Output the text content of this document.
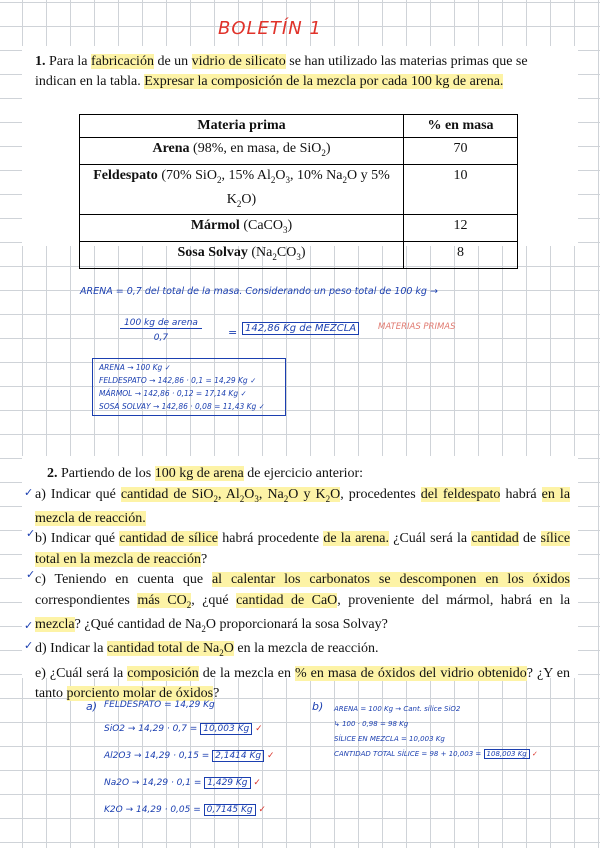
BOLETÍN 1
1. Para la fabricación de un vidrio de silicato se han utilizado las materias primas que se indican en la tabla. Expresar la composición de la mezcla por cada 100 kg de arena.
Materia prima	% en masa
Arena (98%, en masa, de SiO$_2$)	70
Feldespato (70% SiO$_2$, 15% $Al_2O_3$, 10% $Na_2O$ y 5% $K_2O$)	10
Mármol (CaCO$_3$)	12
Sosa Solvay $(Na_2CO_3)$	8
ARENA = 0,7 del total de la masa. Considerando un peso total de 100 kg →
100 kg de arena
0,7	= 142,86 Kg de MEZCLA	MATERIAS PRIMAS
ARENA → 100 Kg ✓
FELDESPATO → 142,86 · 0,1 = 14,29 Kg ✓
MÁRMOL → 142,86 · 0,12 = 17,14 Kg ✓
SOSA SOLVAY → 142,86 · 0,08 = 11,43 Kg ✓

2. Partiendo de los 100 kg de arena de ejercicio anterior:

a) Indicar qué cantidad de SiO$_2$, $Al_2O_3$, $Na_2O$ y $K_2O$, procedentes del feldespato habrá en la mezcla de reacción.

b) Indicar qué cantidad de sílice habrá procedente de la arena. ¿Cuál será la cantidad de sílice total en la mezcla de reacción?

c) Teniendo en cuenta que al calentar los carbonatos se descomponen en los óxidos correspondientes más $CO_2$, ¿qué cantidad de CaO, proveniente del mármol, habrá en la mezcla? ¿Qué cantidad de $Na_2O$ proporcionará la sosa Solvay?

d) Indicar la cantidad total de $Na_2O$ en la mezcla de reacción.

e) ¿Cuál será la composición de la mezcla en % en masa de óxidos del vidrio obtenido? ¿Y en tanto porciento molar de óxidos?

✓
✓
✓
✓
✓
a) FELDESPATO = 14,29 Kg
SiO2 → 14,29 · 0,7 = 10,003 Kg ✓
Al2O3 → 14,29 · 0,15 = 2,1414 Kg ✓
Na2O → 14,29 · 0,1 = 1,429 Kg ✓
K2O → 14,29 · 0,05 = 0,7145 Kg ✓
b) ARENA = 100 Kg → Cant. sílice SiO2
↳ 100 · 0,98 = 98 Kg
SÍLICE EN MEZCLA = 10,003 Kg
CANTIDAD TOTAL SÍLICE = 98 + 10,003 = 108,003 Kg ✓
